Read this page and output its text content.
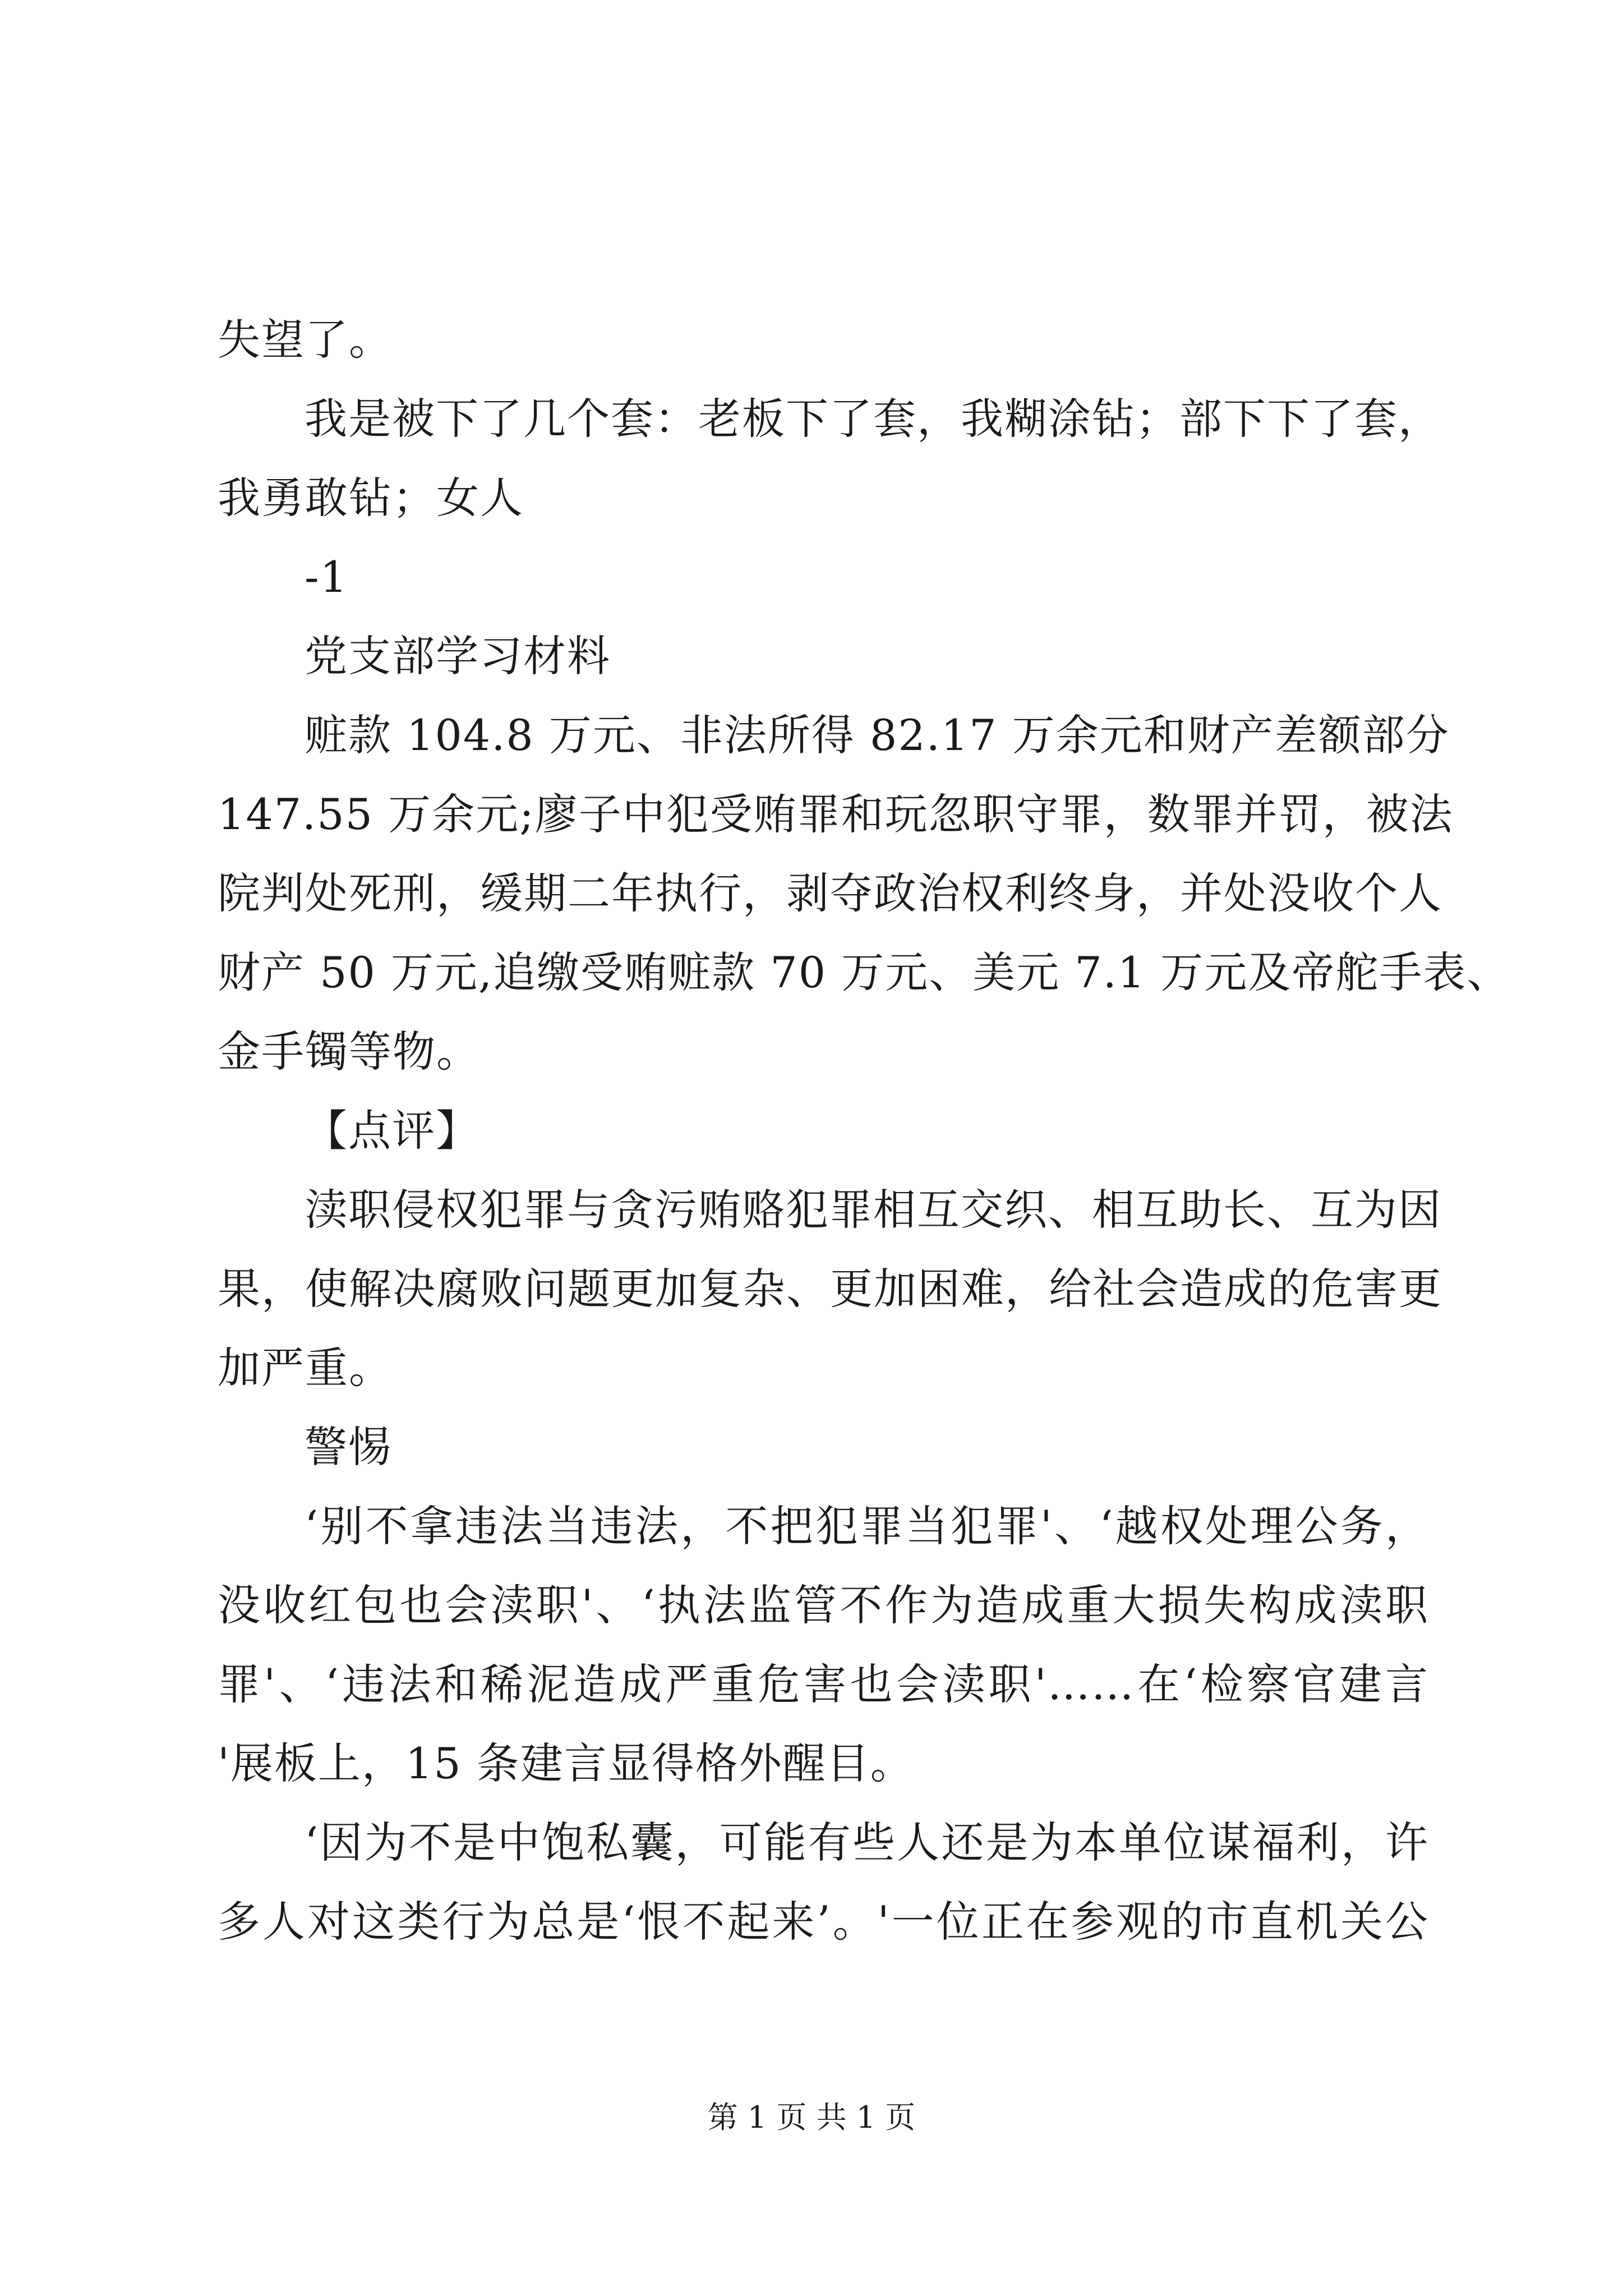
失望了。
我是被下了几个套：老板下了套，我糊涂钻；部下下了套，
我勇敢钻；女人
-1
党支部学习材料
赃款 104.8 万元、非法所得 82.17 万余元和财产差额部分
147.55 万余元;廖子中犯受贿罪和玩忽职守罪，数罪并罚，被法
院判处死刑，缓期二年执行，剥夺政治权利终身，并处没收个人
财产 50 万元,追缴受贿赃款 70 万元、美元 7.1 万元及帝舵手表、
金手镯等物。
【点评】
渎职侵权犯罪与贪污贿赂犯罪相互交织、相互助长、互为因
果，使解决腐败问题更加复杂、更加困难，给社会造成的危害更
加严重。
警惕
‘别不拿违法当违法，不把犯罪当犯罪'、‘越权处理公务，
没收红包也会渎职'、‘执法监管不作为造成重大损失构成渎职
罪'、‘违法和稀泥造成严重危害也会渎职'……在‘检察官建言
'展板上，15 条建言显得格外醒目。
‘因为不是中饱私囊，可能有些人还是为本单位谋福利，许
多人对这类行为总是‘恨不起来’。'一位正在参观的市直机关公
第 1 页 共 1 页
